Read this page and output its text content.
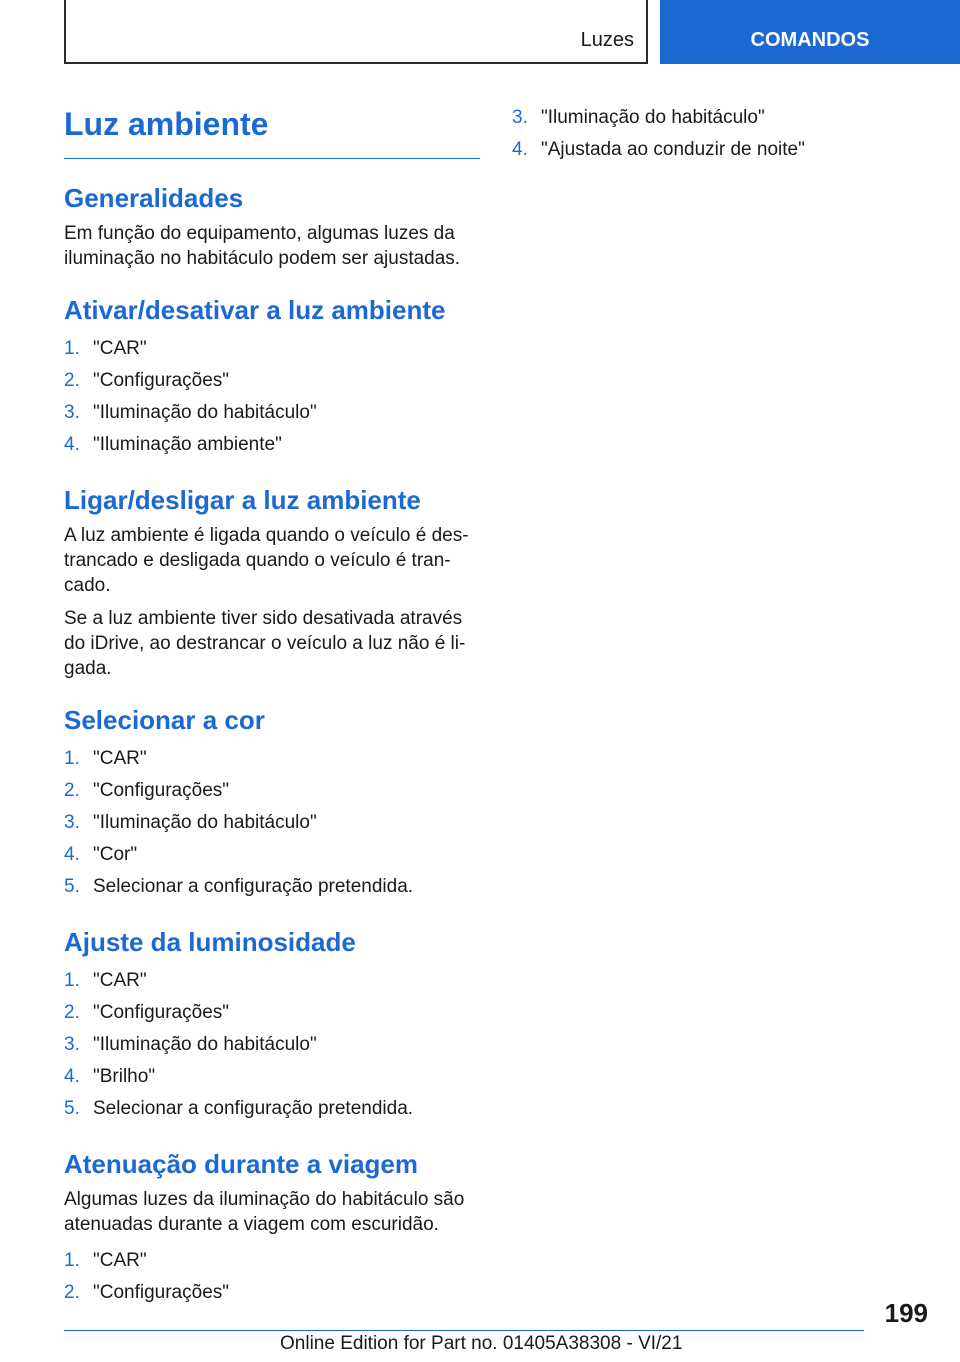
Luzes	COMANDOS
Luz ambiente
Generalidades

Em função do equipamento, algumas luzes da iluminação no habitáculo podem ser ajustadas.

Ativar/desativar a luz ambiente
1. "CAR"
2. "Configurações"
3. "Iluminação do habitáculo"
4. "Iluminação ambiente"
Ligar/desligar a luz ambiente

A luz ambiente é ligada quando o veículo é des-trancado e desligada quando o veículo é tran-cado.

Se a luz ambiente tiver sido desativada através do iDrive, ao destrancar o veículo a luz não é li-gada.

Selecionar a cor
1. "CAR"
2. "Configurações"
3. "Iluminação do habitáculo"
4. "Cor"
5. Selecionar a configuração pretendida.
Ajuste da luminosidade
1. "CAR"
2. "Configurações"
3. "Iluminação do habitáculo"
4. "Brilho"
5. Selecionar a configuração pretendida.
Atenuação durante a viagem

Algumas luzes da iluminação do habitáculo são atenuadas durante a viagem com escuridão.

1. "CAR"
2. "Configurações"
3. "Iluminação do habitáculo"
4. "Ajustada ao conduzir de noite"
199
Online Edition for Part no. 01405A38308 - VI/21
